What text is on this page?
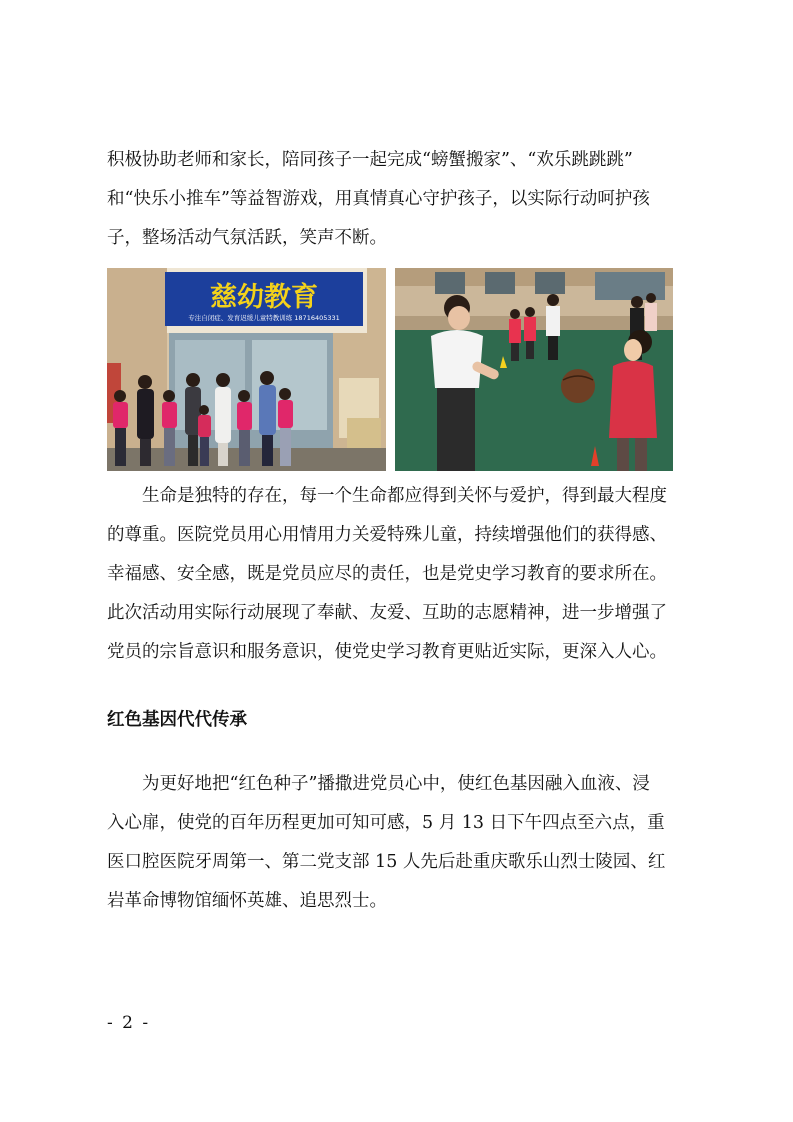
积极协助老师和家长，陪同孩子一起完成“螃蟹搬家”、“欢乐跳跳跳”
和“快乐小推车”等益智游戏，用真情真心守护孩子，以实际行动呵护孩
子，整场活动气氛活跃，笑声不断。
慈幼教育
专注自闭症、发育迟缓儿童特教训练 18716405331
生命是独特的存在，每一个生命都应得到关怀与爱护，得到最大程度
的尊重。医院党员用心用情用力关爱特殊儿童，持续增强他们的获得感、
幸福感、安全感，既是党员应尽的责任，也是党史学习教育的要求所在。
此次活动用实际行动展现了奉献、友爱、互助的志愿精神，进一步增强了
党员的宗旨意识和服务意识，使党史学习教育更贴近实际，更深入人心。
红色基因代代传承
为更好地把“红色种子”播撒进党员心中，使红色基因融入血液、浸
入心扉，使党的百年历程更加可知可感，5 月 13 日下午四点至六点，重
医口腔医院牙周第一、第二党支部 15 人先后赴重庆歌乐山烈士陵园、红
岩革命博物馆缅怀英雄、追思烈士。
- 2 -
